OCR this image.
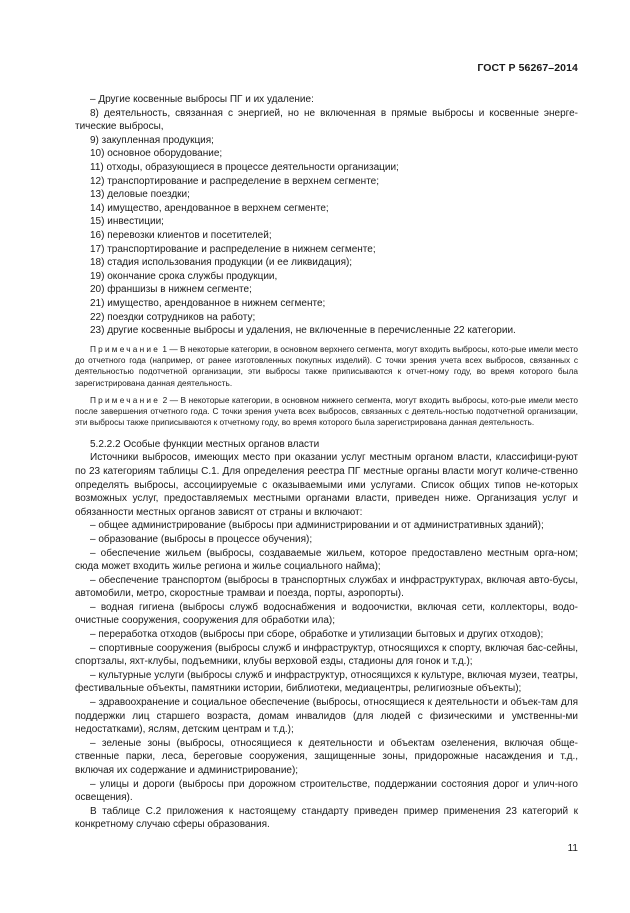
ГОСТ Р 56267–2014

– Другие косвенные выбросы ПГ и их удаление:

8) деятельность, связанная с энергией, но не включенная в прямые выбросы и косвенные энерге-тические выбросы,

9) закупленная продукция;

10) основное оборудование;

11) отходы, образующиеся в процессе деятельности организации;

12) транспортирование и распределение в верхнем сегменте;

13) деловые поездки;

14) имущество, арендованное в верхнем сегменте;

15) инвестиции;

16) перевозки клиентов и посетителей;

17) транспортирование и распределение в нижнем сегменте;

18) стадия использования продукции (и ее ликвидация);

19) окончание срока службы продукции,

20) франшизы в нижнем сегменте;

21) имущество, арендованное в нижнем сегменте;

22) поездки сотрудников на работу;

23) другие косвенные выбросы и удаления, не включенные в перечисленные 22 категории.

Примечание 1 — В некоторые категории, в основном верхнего сегмента, могут входить выбросы, кото-рые имели место до отчетного года (например, от ранее изготовленных покупных изделий). С точки зрения учета всех выбросов, связанных с деятельностью подотчетной организации, эти выбросы также приписываются к отчет-ному году, во время которого была зарегистрирована данная деятельность.

Примечание 2 — В некоторые категории, в основном нижнего сегмента, могут входить выбросы, кото-рые имели место после завершения отчетного года. С точки зрения учета всех выбросов, связанных с деятель-ностью подотчетной организации, эти выбросы также приписываются к отчетному году, во время которого была зарегистрирована данная деятельность.

5.2.2.2 Особые функции местных органов власти

Источники выбросов, имеющих место при оказании услуг местным органом власти, классифици-руют по 23 категориям таблицы С.1. Для определения реестра ПГ местные органы власти могут количе-ственно определять выбросы, ассоциируемые с оказываемыми ими услугами. Список общих типов не-которых возможных услуг, предоставляемых местными органами власти, приведен ниже. Организация услуг и обязанности местных органов зависят от страны и включают:

– общее администрирование (выбросы при администрировании и от административных зданий);

– образование (выбросы в процессе обучения);

– обеспечение жильем (выбросы, создаваемые жильем, которое предоставлено местным орга-ном; сюда может входить жилье региона и жилье социального найма);

– обеспечение транспортом (выбросы в транспортных службах и инфраструктурах, включая авто-бусы, автомобили, метро, скоростные трамваи и поезда, порты, аэропорты).

– водная гигиена (выбросы служб водоснабжения и водоочистки, включая сети, коллекторы, водо-очистные сооружения, сооружения для обработки ила);

– переработка отходов (выбросы при сборе, обработке и утилизации бытовых и других отходов);

– спортивные сооружения (выбросы служб и инфраструктур, относящихся к спорту, включая бас-сейны, спортзалы, яхт-клубы, подъемники, клубы верховой езды, стадионы для гонок и т.д.);

– культурные услуги (выбросы служб и инфраструктур, относящихся к культуре, включая музеи, театры, фестивальные объекты, памятники истории, библиотеки, медиацентры, религиозные объекты);

– здравоохранение и социальное обеспечение (выбросы, относящиеся к деятельности и объек-там для поддержки лиц старшего возраста, домам инвалидов (для людей с физическими и умственны-ми недостатками), яслям, детским центрам и т.д.);

– зеленые зоны (выбросы, относящиеся к деятельности и объектам озеленения, включая обще-ственные парки, леса, береговые сооружения, защищенные зоны, придорожные насаждения и т.д., включая их содержание и администрирование);

– улицы и дороги (выбросы при дорожном строительстве, поддержании состояния дорог и улич-ного освещения).

В таблице С.2 приложения к настоящему стандарту приведен пример применения 23 категорий к конкретному случаю сферы образования.

11
